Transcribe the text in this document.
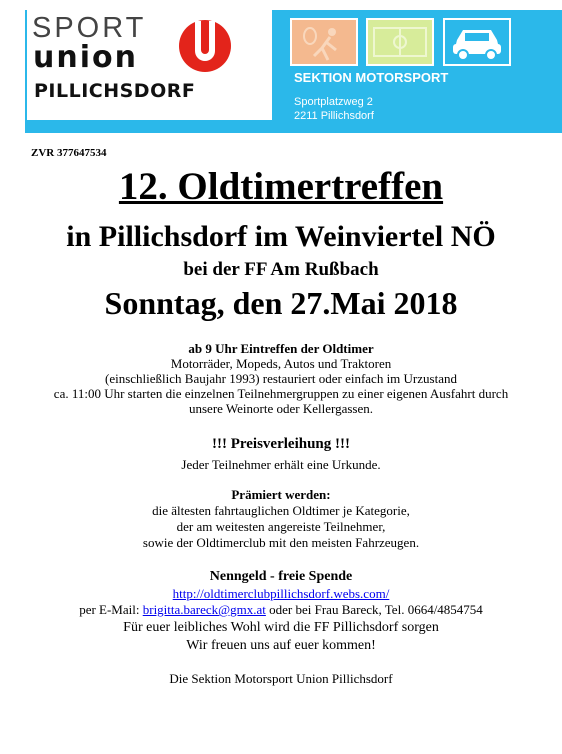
SPORT
union
PILLICHSDORF
SEKTION MOTORSPORT
Sportplatzweg 2
2211 Pillichsdorf
ZVR 377647534
12. Oldtimertreffen
in Pillichsdorf im Weinviertel NÖ
bei der FF Am Rußbach
Sonntag, den 27.Mai 2018
ab 9 Uhr Eintreffen der Oldtimer
Motorräder, Mopeds, Autos und Traktoren
(einschließlich Baujahr 1993) restauriert oder einfach im Urzustand
ca. 11:00 Uhr starten die einzelnen Teilnehmergruppen zu einer eigenen Ausfahrt durch
unsere Weinorte oder Kellergassen.
!!! Preisverleihung !!!
Jeder Teilnehmer erhält eine Urkunde.
Prämiert werden:
die ältesten fahrtauglichen Oldtimer je Kategorie,
der am weitesten angereiste Teilnehmer,
sowie der Oldtimerclub mit den meisten Fahrzeugen.
Nenngeld - freie Spende
http://oldtimerclubpillichsdorf.webs.com/
per E-Mail: brigitta.bareck@gmx.at oder bei Frau Bareck, Tel. 0664/4854754
Für euer leibliches Wohl wird die FF Pillichsdorf sorgen
Wir freuen uns auf euer kommen!
Die Sektion Motorsport Union Pillichsdorf
